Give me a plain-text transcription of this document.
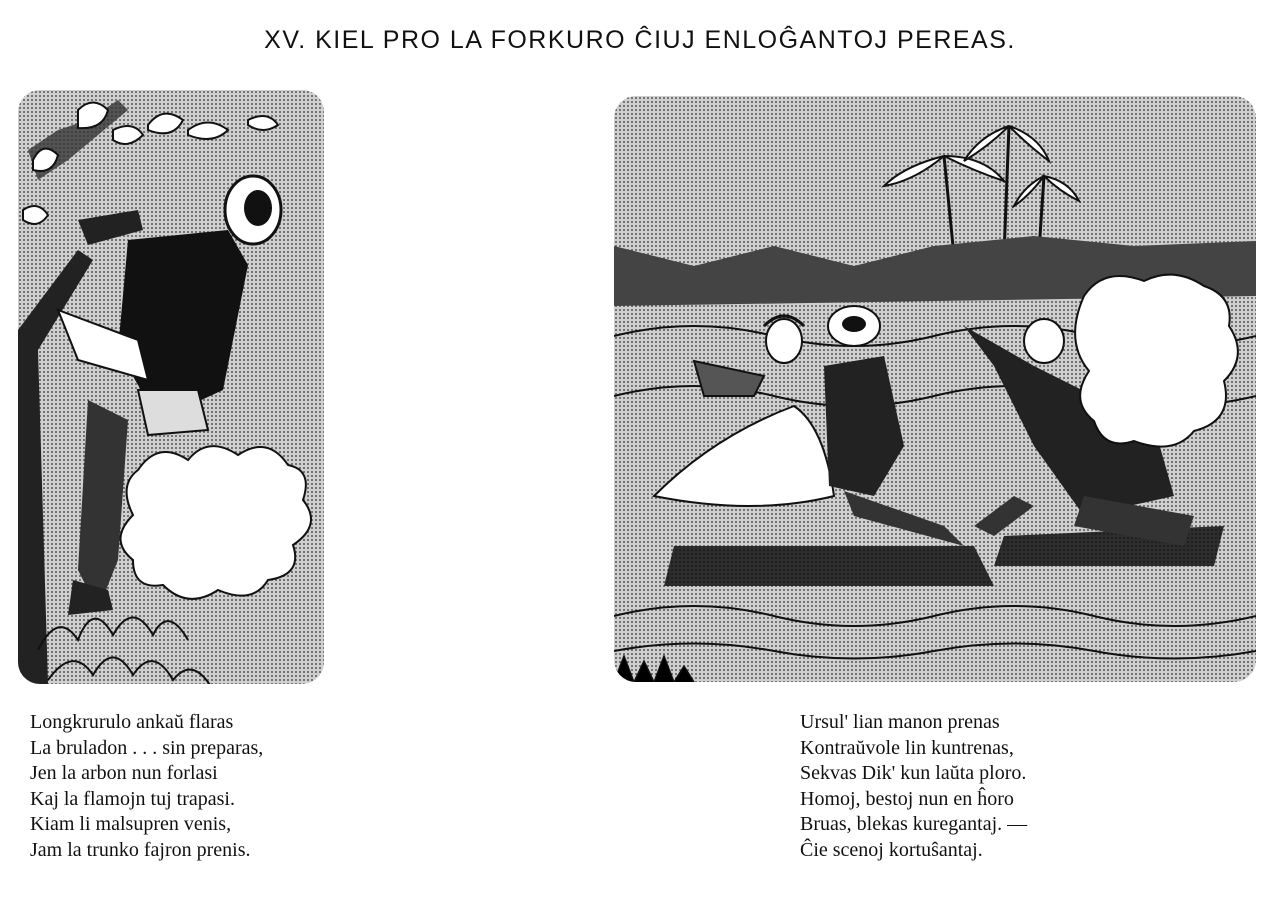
XV. KIEL PRO LA FORKURO ĈIUJ ENLOĜANTOJ PEREAS.
Longkrurulo ankaŭ flaras
La bruladon . . . sin preparas,
Jen la arbon nun forlasi
Kaj la flamojn tuj trapasi.
Kiam li malsupren venis,
Jam la trunko fajron prenis.
Ursul' lian manon prenas
Kontraŭvole lin kuntrenas,
Sekvas Dik' kun laŭta ploro.
Homoj, bestoj nun en ĥoro
Bruas, blekas kuregantaj. —
Ĉie scenoj kortuŝantaj.
